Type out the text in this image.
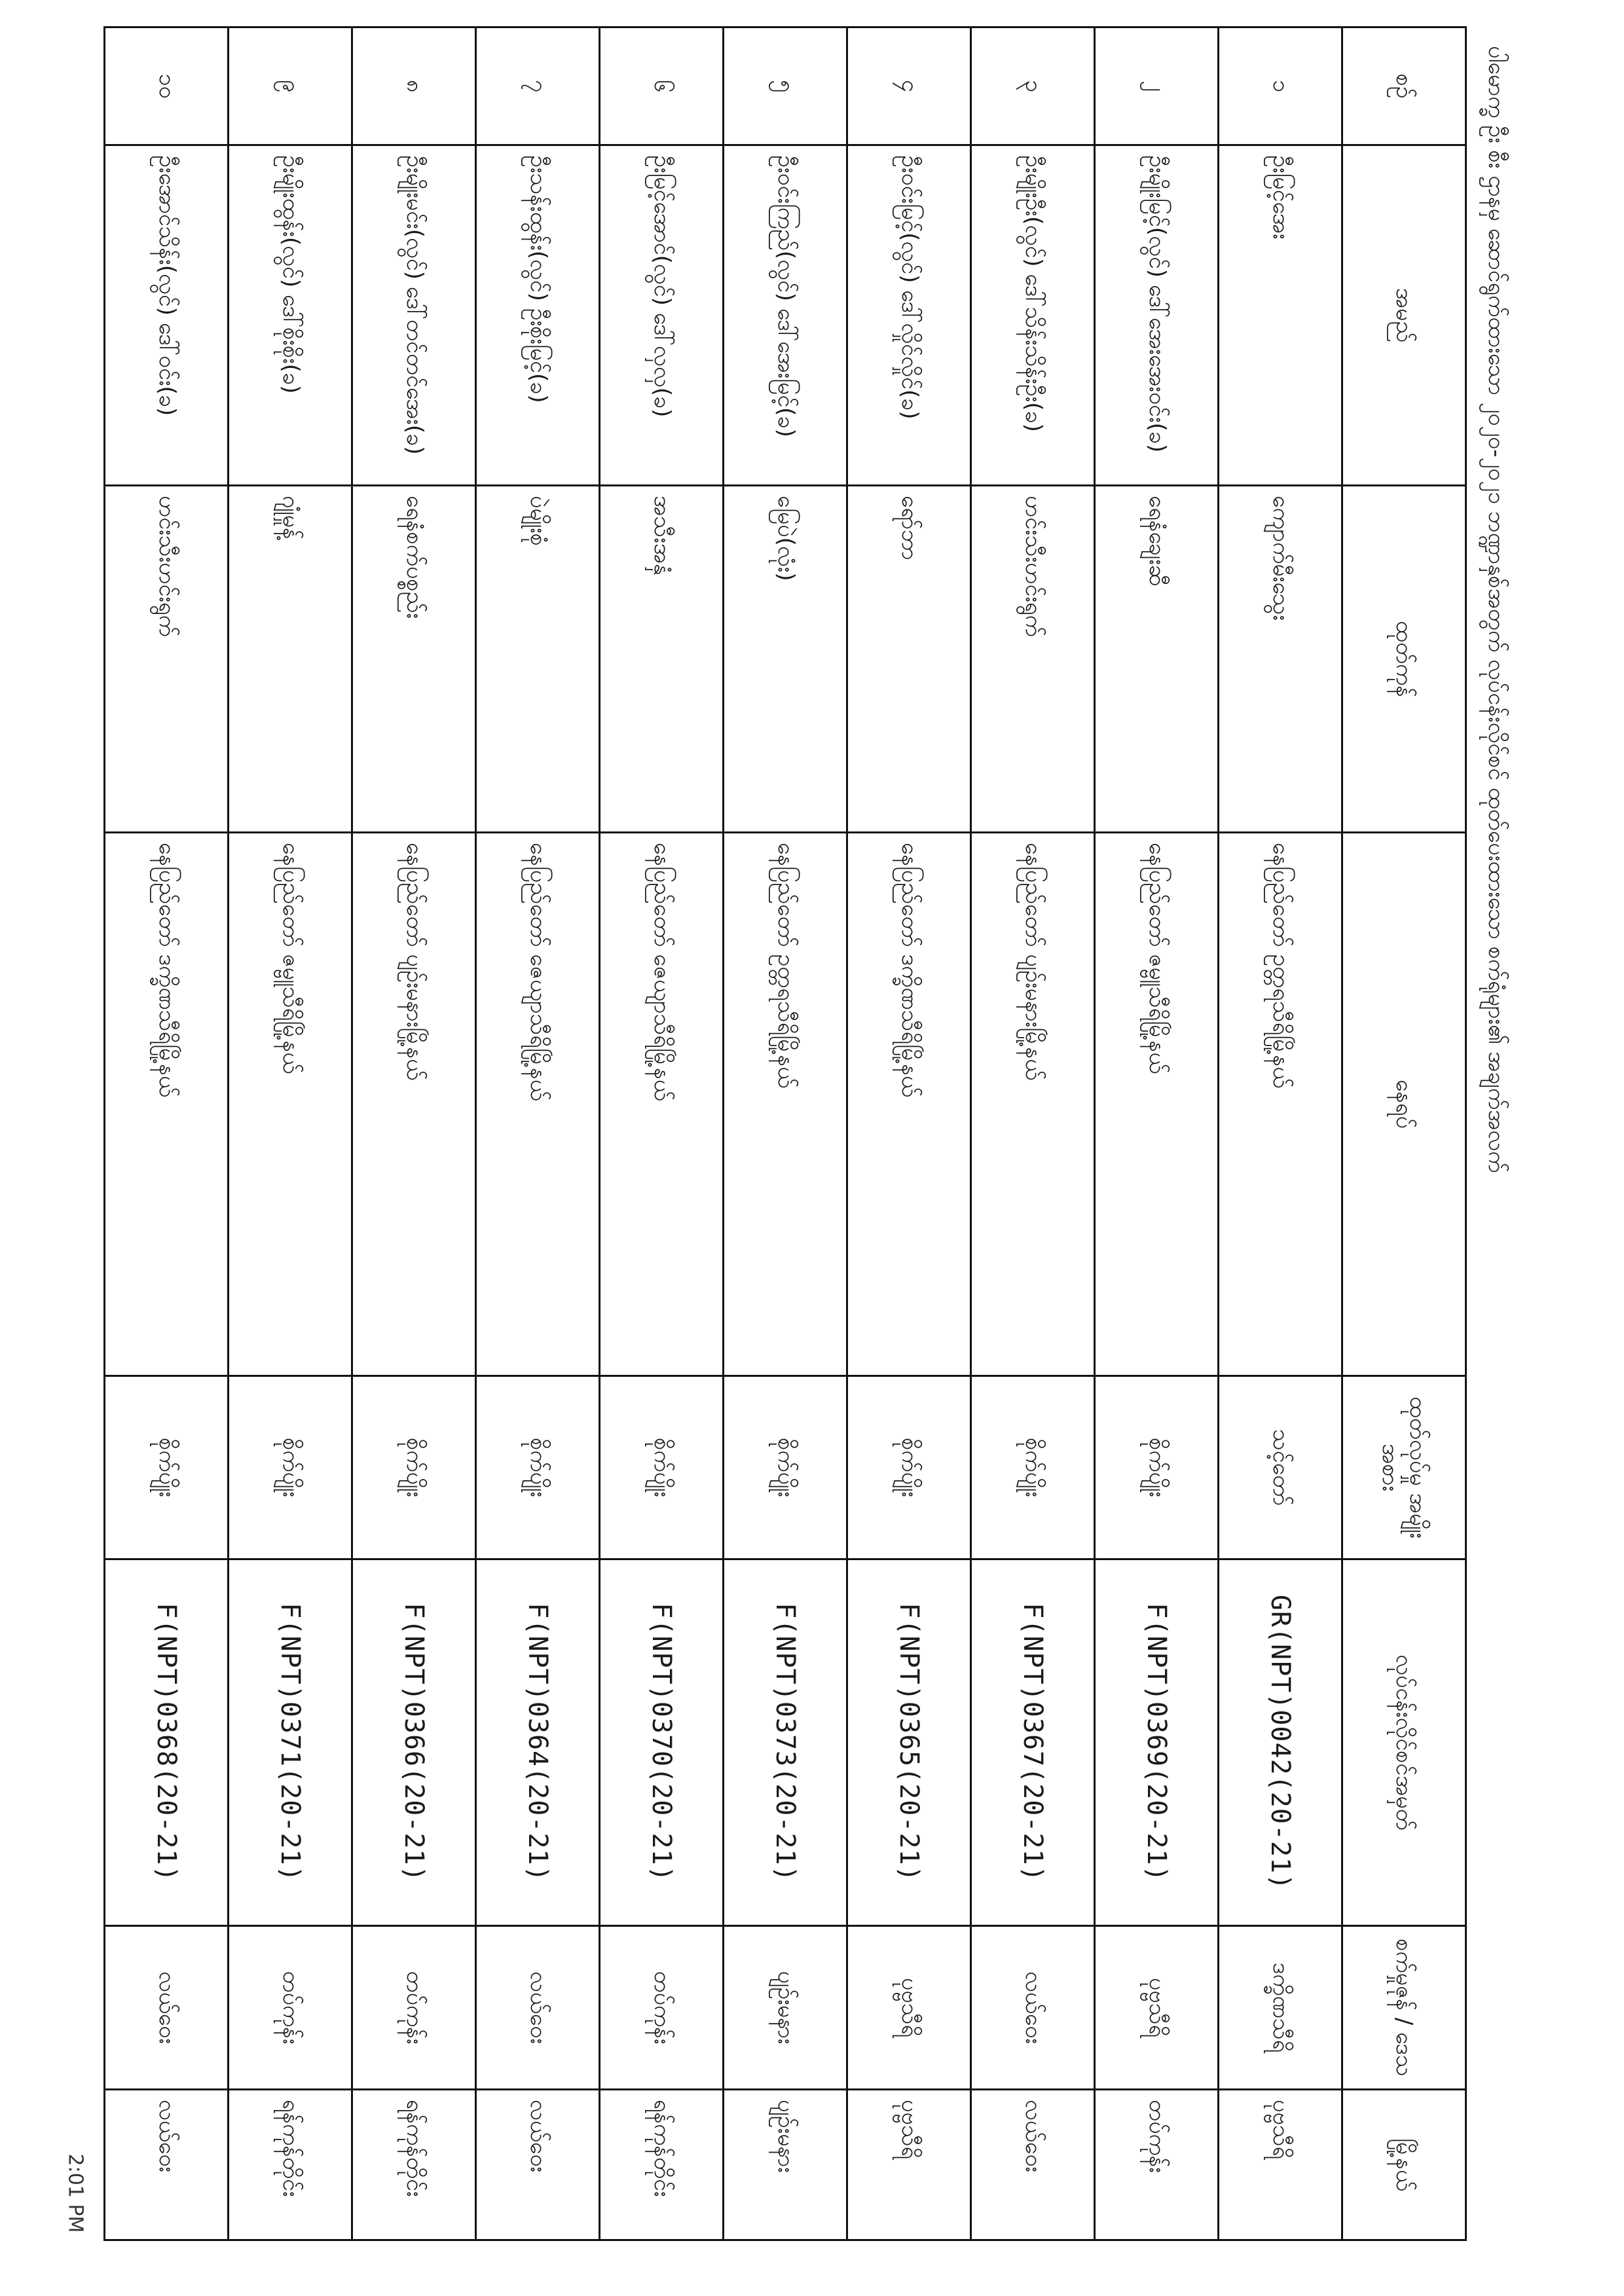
2:01 PM
ပါမောက္ခ ဦး စီး ဌာနမှ ဆောင်ရွက်ထားသော ၂၀၂၀-၂၀၂၁ ဘဏ္ဍာနှစ်အတွက် လုပ်ငန်းလိုင်စင် ထုတ်ပေးထားသော စက်ရုံများ၏ အချက်အလက်
စဉ်	အမည်	ထုတ်ကုန်	နေရပ်	ထုတ်လုပ်မှု အမျိုးအစား	လုပ်ငန်းလိုင်စင်အမှတ်	စက်မှုဇုန် / ဒေသ	မြို့နယ်
၁	ဦးမြင့်အေး	ကျောက်မီးသွေး	နေပြည်တော် ဥတ္တရသီရိမြို့နယ်	သင့်တော်	GR(NPT)0042(20-21)	ဒက္ခိဏသီရိ	ပုဗ္ဗသီရိ
၂	ဦးမျိုးမြင့်(လွင်) ဒေါ်အေးအေးဝင်း(ခ)	ရေနံချေးဆီ	နေပြည်တော် ဇမ္ဗူသီရိမြို့နယ်	စိုက်ပျိုး	F(NPT)0369(20-21)	ပုဗ္ဗသီရိ	တပ်ကုန်း
၃	ဦးမျိုးဦး(လွင်) ဒေါ်သိန်းသိန်းဦး(ခ)	ဟင်းသီးဟင်းရွက်	နေပြည်တော် ပျဉ်းမနားမြို့နယ်	စိုက်ပျိုး	F(NPT)0367(20-21)	လယ်ဝေး	လယ်ဝေး
၄	ဦးဝင်းမြင့်(လွင်) ဒေါ်လှိုင်လှိုင်(ခ)	ရော်ဘာ	နေပြည်တော် ဒက္ခိဏသီရိမြို့နယ်	စိုက်ပျိုး	F(NPT)0365(20-21)	ပုဗ္ဗသီရိ	ပုဗ္ဗသီရိ
၅	ဦးဝင်းကြည်(လွင်) ဒေါ်အေးမြင့်(ခ)	မြေပဲ(လုံး)	နေပြည်တော် ဥတ္တရသီရိမြို့နယ်	စိုက်ပျိုး	F(NPT)0373(20-21)	ပျဉ်းမနား	ပျဉ်းမနား
၆	ဦးမြင့်အောင်(လွင်) ဒေါ်လှလှ(ခ)	အသီးအနှံ	နေပြည်တော် ဇေယျာသီရိမြို့နယ်	စိုက်ပျိုး	F(NPT)0370(20-21)	တပ်ကုန်း	ရန်ကုန်တိုင်း
၇	ဦးသန်းထွန်း(လွင်) ဦးစိုးမြင့်(ခ)	ပဲမျိုးစုံ	နေပြည်တော် ဇေယျာသီရိမြို့နယ်	စိုက်ပျိုး	F(NPT)0364(20-21)	လယ်ဝေး	လယ်ဝေး
၈	ဦးမျိုးမင်း(လွင်) ဒေါ်တင်တင်အေး(ခ)	ရေနံစက်ပစ္စည်း	နေပြည်တော် ပျဉ်းမနားမြို့နယ်	စိုက်ပျိုး	F(NPT)0366(20-21)	တပ်ကုန်း	ရန်ကုန်တိုင်း
၉	ဦးမျိုးထွန်း(လွင်) ဒေါ်စိုးစိုး(ခ)	ဂျုံမှုန့်	နေပြည်တော် ဇမ္ဗူသီရိမြို့နယ်	စိုက်ပျိုး	F(NPT)0371(20-21)	တပ်ကုန်း	ရန်ကုန်တိုင်း
၁၀	ဦးအောင်သိန်း(လွင်) ဒေါ်ဝင်း(ခ)	ဟင်းသီးဟင်းရွက်	နေပြည်တော် ဒက္ခိဏသီရိမြို့နယ်	စိုက်ပျိုး	F(NPT)0368(20-21)	လယ်ဝေး	လယ်ဝေး
